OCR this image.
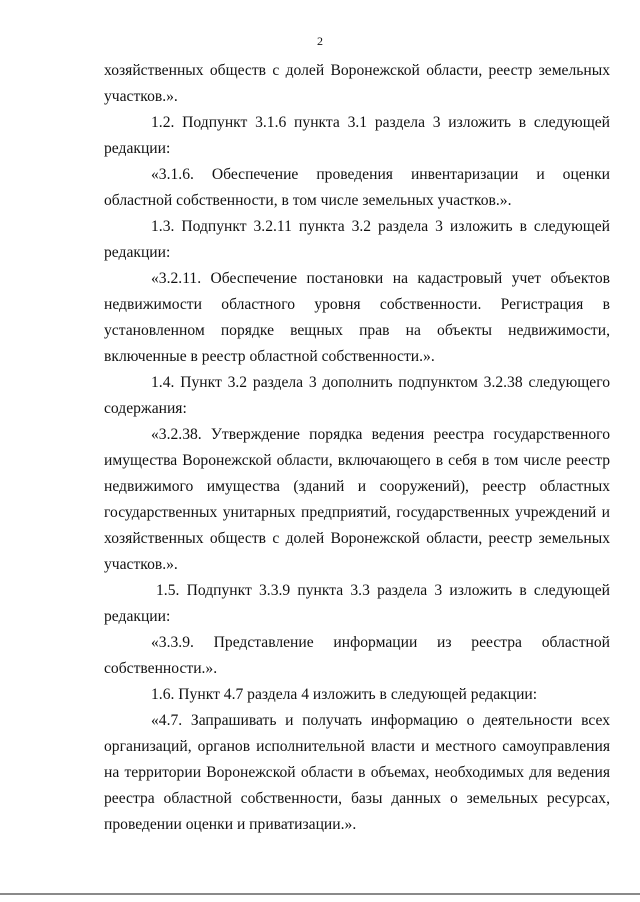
2

хозяйственных обществ с долей Воронежской области, реестр земельных участков.».

1.2. Подпункт 3.1.6 пункта 3.1 раздела 3 изложить в следующей редакции:

«3.1.6. Обеспечение проведения инвентаризации и оценки областной собственности, в том числе земельных участков.».

1.3. Подпункт 3.2.11 пункта 3.2 раздела 3 изложить в следующей редакции:

«3.2.11. Обеспечение постановки на кадастровый учет объектов недвижимости областного уровня собственности. Регистрация в установленном порядке вещных прав на объекты недвижимости, включенные в реестр областной собственности.».

1.4. Пункт 3.2 раздела 3 дополнить подпунктом 3.2.38 следующего содержания:

«3.2.38. Утверждение порядка ведения реестра государственного имущества Воронежской области, включающего в себя в том числе реестр недвижимого имущества (зданий и сооружений), реестр областных государственных унитарных предприятий, государственных учреждений и хозяйственных обществ с долей Воронежской области, реестр земельных участков.».

1.5. Подпункт 3.3.9 пункта 3.3 раздела 3 изложить в следующей редакции:

«3.3.9. Представление информации из реестра областной собственности.».

1.6. Пункт 4.7 раздела 4 изложить в следующей редакции:

«4.7. Запрашивать и получать информацию о деятельности всех организаций, органов исполнительной власти и местного самоуправления на территории Воронежской области в объемах, необходимых для ведения реестра областной собственности, базы данных о земельных ресурсах, проведении оценки и приватизации.».
